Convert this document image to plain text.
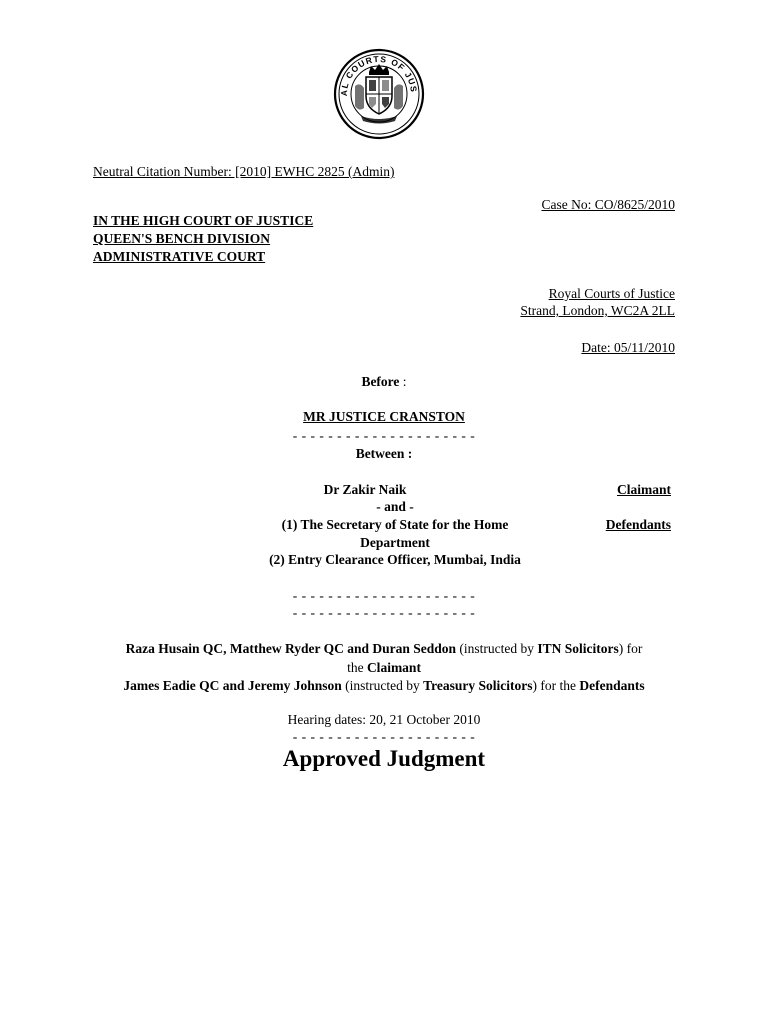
AL COURTS OF JUS
Neutral Citation Number: [2010] EWHC 2825 (Admin)
Case No: CO/8625/2010
IN THE HIGH COURT OF JUSTICE
QUEEN'S BENCH DIVISION
ADMINISTRATIVE COURT
Royal Courts of Justice
Strand, London, WC2A 2LL
Date: 05/11/2010
Before :
MR JUSTICE CRANSTON
- - - - - - - - - - - - - - - - - - - - -
Between :
Dr Zakir Naik	Claimant
- and -
(1) The Secretary of State for the Home	Defendants
Department
(2) Entry Clearance Officer, Mumbai, India
- - - - - - - - - - - - - - - - - - - - -
- - - - - - - - - - - - - - - - - - - - -
Raza Husain QC, Matthew Ryder QC and Duran Seddon (instructed by ITN Solicitors) for
the Claimant
James Eadie QC and Jeremy Johnson (instructed by Treasury Solicitors) for the Defendants
Hearing dates: 20, 21 October 2010
- - - - - - - - - - - - - - - - - - - - -
Approved Judgment
